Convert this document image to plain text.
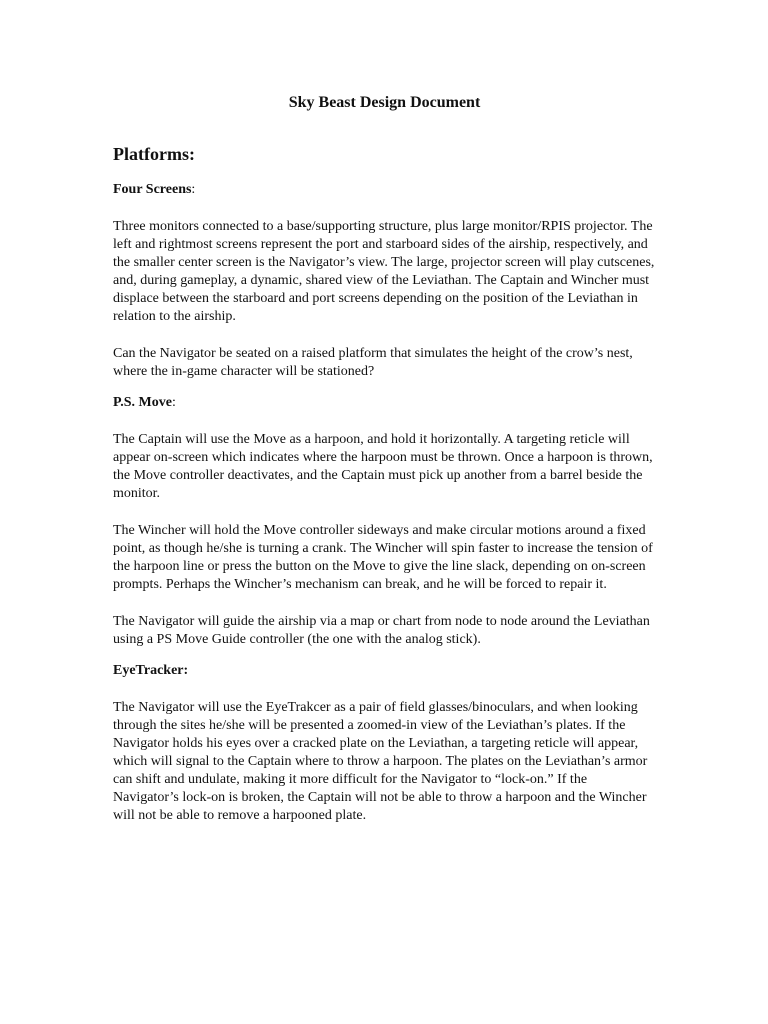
Sky Beast Design Document
Platforms:
Four Screens:

Three monitors connected to a base/supporting structure, plus large monitor/RPIS projector. The left and rightmost screens represent the port and starboard sides of the airship, respectively, and the smaller center screen is the Navigator’s view. The large, projector screen will play cutscenes, and, during gameplay, a dynamic, shared view of the Leviathan. The Captain and Wincher must displace between the starboard and port screens depending on the position of the Leviathan in relation to the airship.

Can the Navigator be seated on a raised platform that simulates the height of the crow’s nest, where the in-game character will be stationed?

P.S. Move:

The Captain will use the Move as a harpoon, and hold it horizontally. A targeting reticle will appear on-screen which indicates where the harpoon must be thrown. Once a harpoon is thrown, the Move controller deactivates, and the Captain must pick up another from a barrel beside the monitor.

The Wincher will hold the Move controller sideways and make circular motions around a fixed point, as though he/she is turning a crank. The Wincher will spin faster to increase the tension of the harpoon line or press the button on the Move to give the line slack, depending on on-screen prompts. Perhaps the Wincher’s mechanism can break, and he will be forced to repair it.

The Navigator will guide the airship via a map or chart from node to node around the Leviathan using a PS Move Guide controller (the one with the analog stick).

EyeTracker:

The Navigator will use the EyeTrakcer as a pair of field glasses/binoculars, and when looking through the sites he/she will be presented a zoomed-in view of the Leviathan’s plates. If the Navigator holds his eyes over a cracked plate on the Leviathan, a targeting reticle will appear, which will signal to the Captain where to throw a harpoon. The plates on the Leviathan’s armor can shift and undulate, making it more difficult for the Navigator to “lock-on.” If the Navigator’s lock-on is broken, the Captain will not be able to throw a harpoon and the Wincher will not be able to remove a harpooned plate.
